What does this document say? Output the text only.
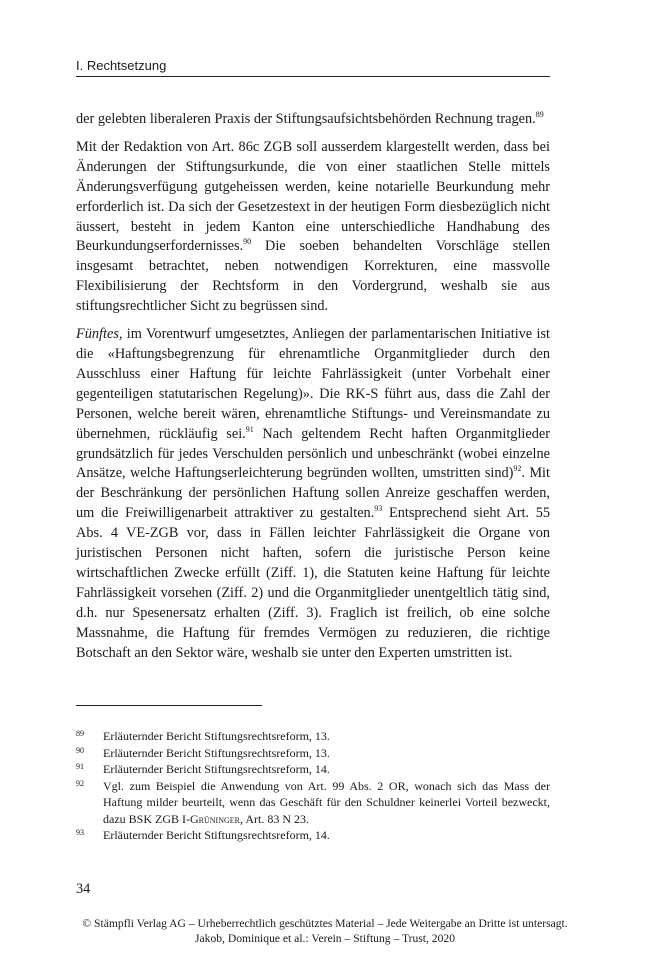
I. Rechtsetzung

der gelebten liberaleren Praxis der Stiftungsaufsichtsbehörden Rechnung tragen.$^{89}$

Mit der Redaktion von Art. 86c ZGB soll ausserdem klargestellt werden, dass bei Änderungen der Stiftungsurkunde, die von einer staatlichen Stelle mittels Änderungsverfügung gutgeheissen werden, keine notarielle Beurkundung mehr erforderlich ist. Da sich der Gesetzestext in der heutigen Form diesbezüglich nicht äussert, besteht in jedem Kanton eine unterschiedliche Handhabung des Beurkundungserfordernisses.$^{90}$ Die soeben behandelten Vorschläge stellen insgesamt betrachtet, neben notwendigen Korrekturen, eine massvolle Flexibilisierung der Rechtsform in den Vordergrund, weshalb sie aus stiftungsrechtlicher Sicht zu begrüssen sind.

Fünftes, im Vorentwurf umgesetztes, Anliegen der parlamentarischen Initiative ist die «Haftungsbegrenzung für ehrenamtliche Organmitglieder durch den Ausschluss einer Haftung für leichte Fahrlässigkeit (unter Vorbehalt einer gegenteiligen statutarischen Regelung)». Die RK-S führt aus, dass die Zahl der Personen, welche bereit wären, ehrenamtliche Stiftungs- und Vereinsmandate zu übernehmen, rückläufig sei.$^{91}$ Nach geltendem Recht haften Organmitglieder grundsätzlich für jedes Verschulden persönlich und unbeschränkt (wobei einzelne Ansätze, welche Haftungserleichterung begründen wollten, umstritten sind)$^{92}$. Mit der Beschränkung der persönlichen Haftung sollen Anreize geschaffen werden, um die Freiwilligenarbeit attraktiver zu gestalten.$^{93}$ Entsprechend sieht Art. 55 Abs. 4 VE-ZGB vor, dass in Fällen leichter Fahrlässigkeit die Organe von juristischen Personen nicht haften, sofern die juristische Person keine wirtschaftlichen Zwecke erfüllt (Ziff. 1), die Statuten keine Haftung für leichte Fahrlässigkeit vorsehen (Ziff. 2) und die Organmitglieder unentgeltlich tätig sind, d.h. nur Spesenersatz erhalten (Ziff. 3). Fraglich ist freilich, ob eine solche Massnahme, die Haftung für fremdes Vermögen zu reduzieren, die richtige Botschaft an den Sektor wäre, weshalb sie unter den Experten umstritten ist.

89	Erläuternder Bericht Stiftungsrechtsreform, 13.
90	Erläuternder Bericht Stiftungsrechtsreform, 13.
91	Erläuternder Bericht Stiftungsrechtsreform, 14.
92	Vgl. zum Beispiel die Anwendung von Art. 99 Abs. 2 OR, wonach sich das Mass der Haftung milder beurteilt, wenn das Geschäft für den Schuldner keinerlei Vorteil bezweckt, dazu BSK ZGB I-Grüninger, Art. 83 N 23.
93	Erläuternder Bericht Stiftungsrechtsreform, 14.
34
© Stämpfli Verlag AG – Urheberrechtlich geschütztes Material – Jede Weitergabe an Dritte ist untersagt.
Jakob, Dominique et al.: Verein – Stiftung – Trust, 2020
